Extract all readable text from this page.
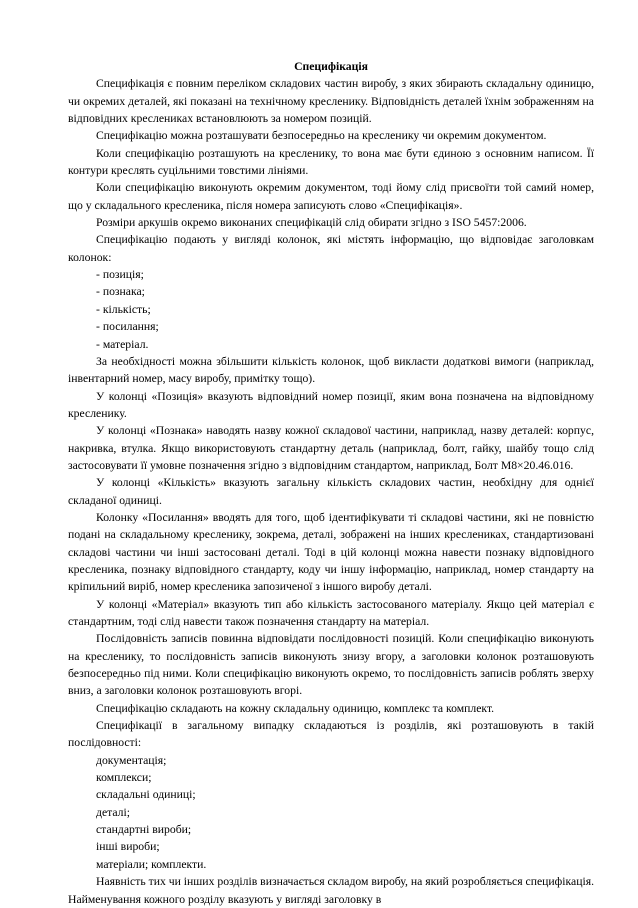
Специфікація

Специфікація є повним переліком складових частин виробу, з яких збирають складальну одиницю, чи окремих деталей, які показані на технічному кресленику. Відповідність деталей їхнім зображенням на відповідних креслениках встановлюють за номером позицій.

Специфікацію можна розташувати безпосередньо на кресленику чи окремим документом.

Коли специфікацію розташують на кресленику, то вона має бути єдиною з основним написом. Її контури креслять суцільними товстими лініями.

Коли специфікацію виконують окремим документом, тоді йому слід присвоїти той самий номер, що у складального кресленика, після номера записують слово «Специфікація».

Розміри аркушів окремо виконаних специфікацій слід обирати згідно з ISO 5457:2006.

Специфікацію подають у вигляді колонок, які містять інформацію, що відповідає заголовкам колонок:

- позиція;

- познака;

- кількість;

- посилання;

- матеріал.

За необхідності можна збільшити кількість колонок, щоб викласти додаткові вимоги (наприклад, інвентарний номер, масу виробу, примітку тощо).

У колонці «Позиція» вказують відповідний номер позиції, яким вона позначена на відповідному кресленику.

У колонці «Познака» наводять назву кожної складової частини, наприклад, назву деталей: корпус, накривка, втулка. Якщо використовують стандартну деталь (наприклад, болт, гайку, шайбу тощо слід застосовувати її умовне позначення згідно з відповідним стандартом, наприклад, Болт М8×20.46.016.

У колонці «Кількість» вказують загальну кількість складових частин, необхідну для однієї складаної одиниці.

Колонку «Посилання» вводять для того, щоб ідентифікувати ті складові частини, які не повністю подані на складальному кресленику, зокрема, деталі, зображені на інших креслениках, стандартизовані складові частини чи інші застосовані деталі. Тоді в цій колонці можна навести познаку відповідного кресленика, познаку відповідного стандарту, коду чи іншу інформацію, наприклад, номер стандарту на кріпильний виріб, номер кресленика запозиченої з іншого виробу деталі.

У колонці «Матеріал» вказують тип або кількість застосованого матеріалу. Якщо цей матеріал є стандартним, тоді слід навести також позначення стандарту на матеріал.

Послідовність записів повинна відповідати послідовності позицій. Коли специфікацію виконують на кресленику, то послідовність записів виконують знизу вгору, а заголовки колонок розташовують безпосередньо під ними. Коли специфікацію виконують окремо, то послідовність записів роблять зверху вниз, а заголовки колонок розташовують вгорі.

Специфікацію складають на кожну складальну одиницю, комплекс та комплект.

Специфікації в загальному випадку складаються із розділів, які розташовують в такій послідовності:

документація;

комплекси;

складальні одиниці;

деталі;

стандартні вироби;

інші вироби;

матеріали; комплекти.

Наявність тих чи інших розділів визначається складом виробу, на який розробляється специфікація. Найменування кожного розділу вказують у вигляді заголовку в
